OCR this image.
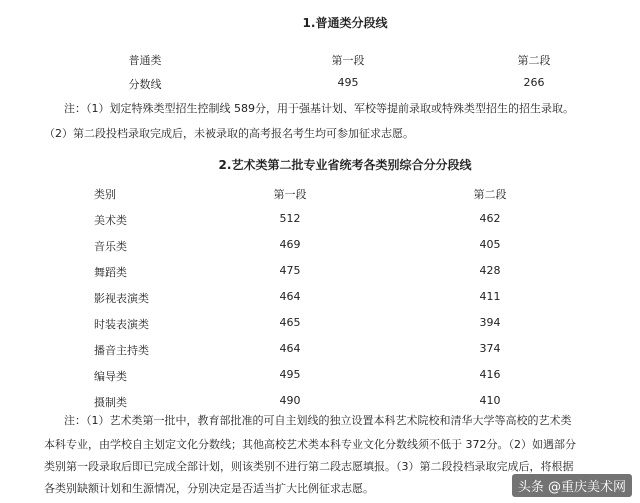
1.普通类分段线
普通类	第一段	第二段
分数线	495	266
注：（1）划定特殊类型招生控制线 589分，用于强基计划、军校等提前录取或特殊类型招生的招生录取。
（2）第二段投档录取完成后，未被录取的高考报名考生均可参加征求志愿。
2.艺术类第二批专业省统考各类别综合分分段线
类别	第一段	第二段
美术类	512	462
音乐类	469	405
舞蹈类	475	428
影视表演类	464	411
时装表演类	465	394
播音主持类	464	374
编导类	495	416
摄制类	490	410
注：（1）艺术类第一批中，教育部批准的可自主划线的独立设置本科艺术院校和清华大学等高校的艺术类
本科专业，由学校自主划定文化分数线；其他高校艺术类本科专业文化分数线须不低于 372分。（2）如遇部分
类别第一段录取后即已完成全部计划，则该类别不进行第二段志愿填报。（3）第二段投档录取完成后，将根据
各类别缺额计划和生源情况，分别决定是否适当扩大比例征求志愿。	头条 @重庆美术网
